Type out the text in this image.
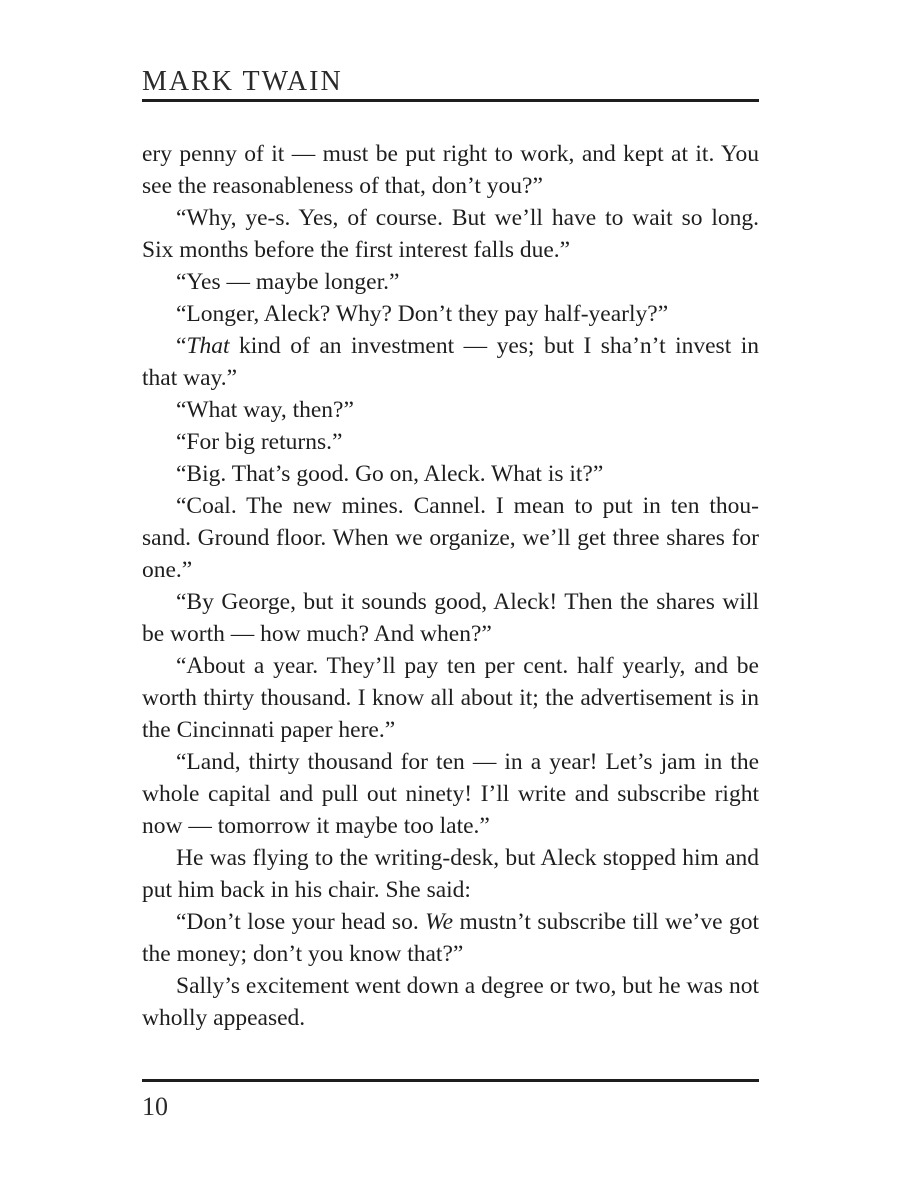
MARK TWAIN

ery penny of it — must be put right to work, and kept at it. You see the reasonableness of that, don’t you?”

“Why, ye-s. Yes, of course. But we’ll have to wait so long. Six months before the first interest falls due.”

“Yes — maybe longer.”

“Longer, Aleck? Why? Don’t they pay half-yearly?”

“That kind of an investment — yes; but I sha’n’t invest in that way.”

“What way, then?”

“For big returns.”

“Big. That’s good. Go on, Aleck. What is it?”

“Coal. The new mines. Cannel. I mean to put in ten thou-sand. Ground floor. When we organize, we’ll get three shares for one.”

“By George, but it sounds good, Aleck! Then the shares will be worth — how much? And when?”

“About a year. They’ll pay ten per cent. half yearly, and be worth thirty thousand. I know all about it; the advertisement is in the Cincinnati paper here.”

“Land, thirty thousand for ten — in a year! Let’s jam in the whole capital and pull out ninety! I’ll write and subscribe right now — tomorrow it maybe too late.”

He was flying to the writing-desk, but Aleck stopped him and put him back in his chair. She said:

“Don’t lose your head so. We mustn’t subscribe till we’ve got the money; don’t you know that?”

Sally’s excitement went down a degree or two, but he was not wholly appeased.

10
